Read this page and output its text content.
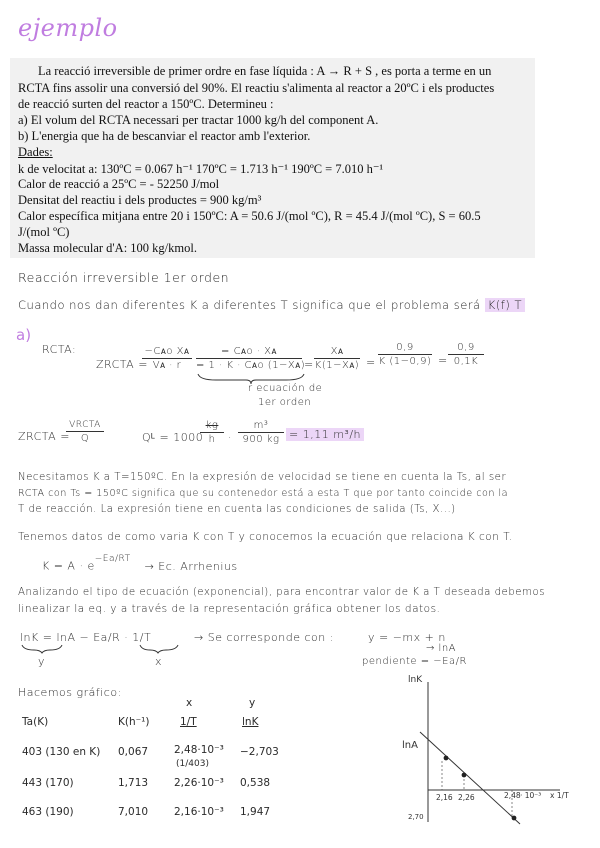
ejemplo
La reacció irreversible de primer ordre en fase líquida : A → R + S , es porta a terme en un
RCTA fins assolir una conversió del 90%. El reactiu s'alimenta al reactor a 20ºC i els productes
de reacció surten del reactor a 150ºC. Determineu :
a) El volum del RCTA necessari per tractar 1000 kg/h del component A.
b) L'energia que ha de bescanviar el reactor amb l'exterior.
Dades:
k de velocitat a: 130ºC = 0.067 h⁻¹ 170ºC = 1.713 h⁻¹ 190ºC = 7.010 h⁻¹
Calor de reacció a 25ºC = - 52250 J/mol
Densitat del reactiu i dels productes = 900 kg/m³
Calor específica mitjana entre 20 i 150ºC: A = 50.6 J/(mol ºC), R = 45.4 J/(mol ºC), S = 60.5
J/(mol ºC)
Massa molecular d'A: 100 kg/kmol.
Reacción irreversible 1er orden
Cuando nos dan diferentes K a diferentes T significa que el problema será K(f) T
a)
RCTA:
ZRCTA =
−Cᴀo Xᴀ
Vᴀ · r
= Cᴀo · Xᴀ
= 1 · K · Cᴀo (1−Xᴀ)
=
Xᴀ
K(1−Xᴀ) =
0,9
K (1−0,9) =
0,9
0,1K
r ecuación de
1er orden
ZRCTA =
VRCTA
Q	Qᴸ = 1000
kg
h	·
m³
900 kg = 1,11 m³/h
Necesitamos K a T=150ºC. En la expresión de velocidad se tiene en cuenta la Ts, al ser
RCTA con Ts = 150ºC significa que su contenedor está a esta T que por tanto coincide con la
T de reacción. La expresión tiene en cuenta las condiciones de salida (Ts, X...)
Tenemos datos de como varia K con T y conocemos la ecuación que relaciona K con T.
$K = A \cdot e^{-Ea/RT} \to Ec$. Arrhenius
Analizando el tipo de ecuación (exponencial), para encontrar valor de K a T deseada debemos
linealizar la eq. y a través de la representación gráfica obtener los datos.
lnK = lnA − Ea/R · 1/T
y	x
→ Se corresponde con :	y = −mx + n
→ lnA
pendiente = −Ea/R
Hacemos gráfico:
x	y
Ta(K)	K(h⁻¹)	1/T	lnK
403 (130 en K) 0,067 2,48·10⁻³ −2,703
(1/403)
443 (170)	1,713 2,26·10⁻³ 0,538
463 (190)	7,010 2,16·10⁻³ 1,947
lnK
lnA
2,16 2,26	2,48 · 10⁻³ x 1/T
2,70
